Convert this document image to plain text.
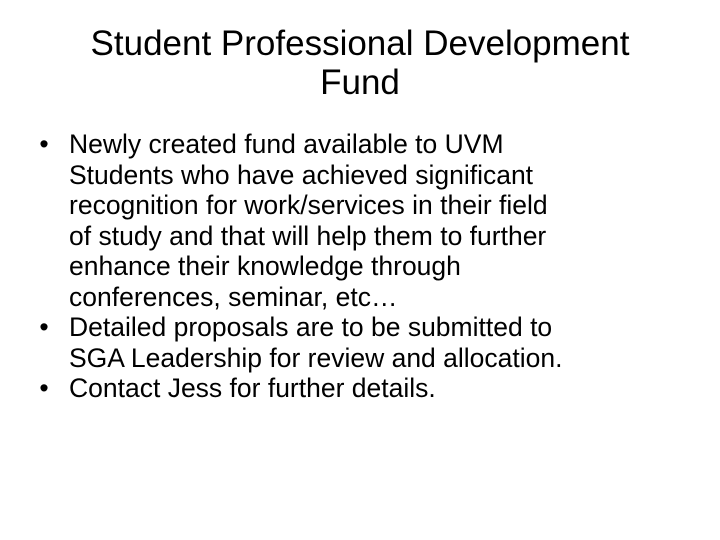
Student Professional Development
Fund
• Newly created fund available to UVM
Students who have achieved significant
recognition for work/services in their field
of study and that will help them to further
enhance their knowledge through
conferences, seminar, etc…
• Detailed proposals are to be submitted to
SGA Leadership for review and allocation.
• Contact Jess for further details.
